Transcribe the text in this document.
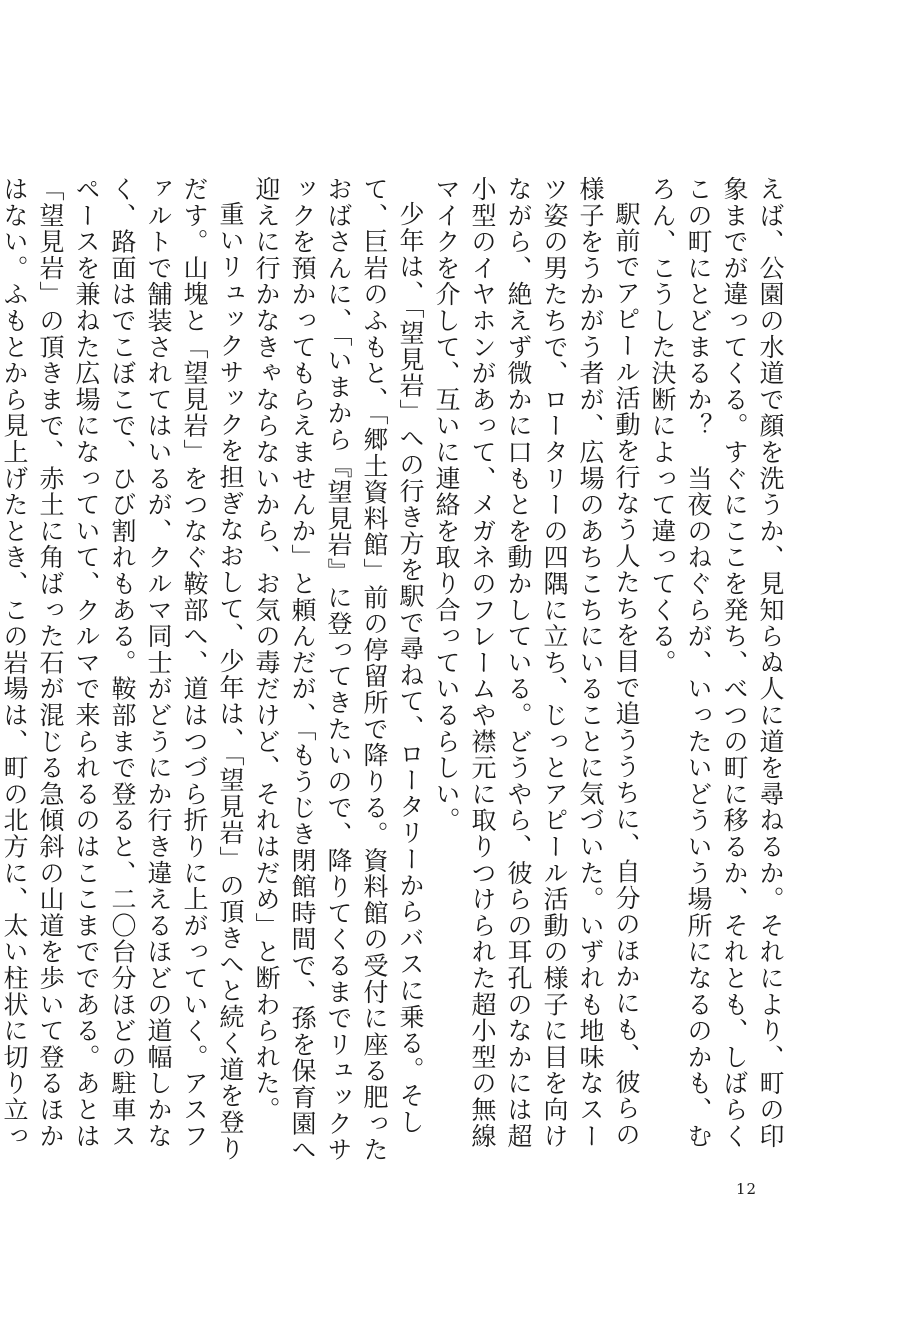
えば、公園の水道で顔を洗うか、見知らぬ人に道を尋ねるか。それにより、町の印象までが違ってくる。すぐにここを発ち、べつの町に移るか、それとも、しばらくこの町にとどまるか？　当夜のねぐらが、いったいどういう場所になるのかも、むろん、こうした決断によって違ってくる。

駅前でアピール活動を行なう人たちを目で追ううちに、自分のほかにも、彼らの様子をうかがう者が、広場のあちこちにいることに気づいた。いずれも地味なスーツ姿の男たちで、ロータリーの四隅に立ち、じっとアピール活動の様子に目を向けながら、絶えず微かに口もとを動かしている。どうやら、彼らの耳孔のなかには超小型のイヤホンがあって、メガネのフレームや襟元に取りつけられた超小型の無線マイクを介して、互いに連絡を取り合っているらしい。

少年は、「望見岩」への行き方を駅で尋ねて、ロータリーからバスに乗る。そして、巨岩のふもと、「郷土資料館」前の停留所で降りる。資料館の受付に座る肥ったおばさんに、「いまから『望見岩』に登ってきたいので、降りてくるまでリュックサックを預かってもらえませんか」と頼んだが、「もうじき閉館時間で、孫を保育園へ迎えに行かなきゃならないから、お気の毒だけど、それはだめ」と断わられた。

重いリュックサックを担ぎなおして、少年は、「望見岩」の頂きへと続く道を登りだす。山塊と「望見岩」をつなぐ鞍部へ、道はつづら折りに上がっていく。アスファルトで舗装されてはいるが、クルマ同士がどうにか行き違えるほどの道幅しかなく、路面はでこぼこで、ひび割れもある。鞍部まで登ると、二〇台分ほどの駐車スペースを兼ねた広場になっていて、クルマで来られるのはここまでである。あとは「望見岩」の頂きまで、赤土に角ばった石が混じる急傾斜の山道を歩いて登るほかはない。ふもとから見上げたとき、この岩場は、町の北方に、太い柱状に切り立っ

12
